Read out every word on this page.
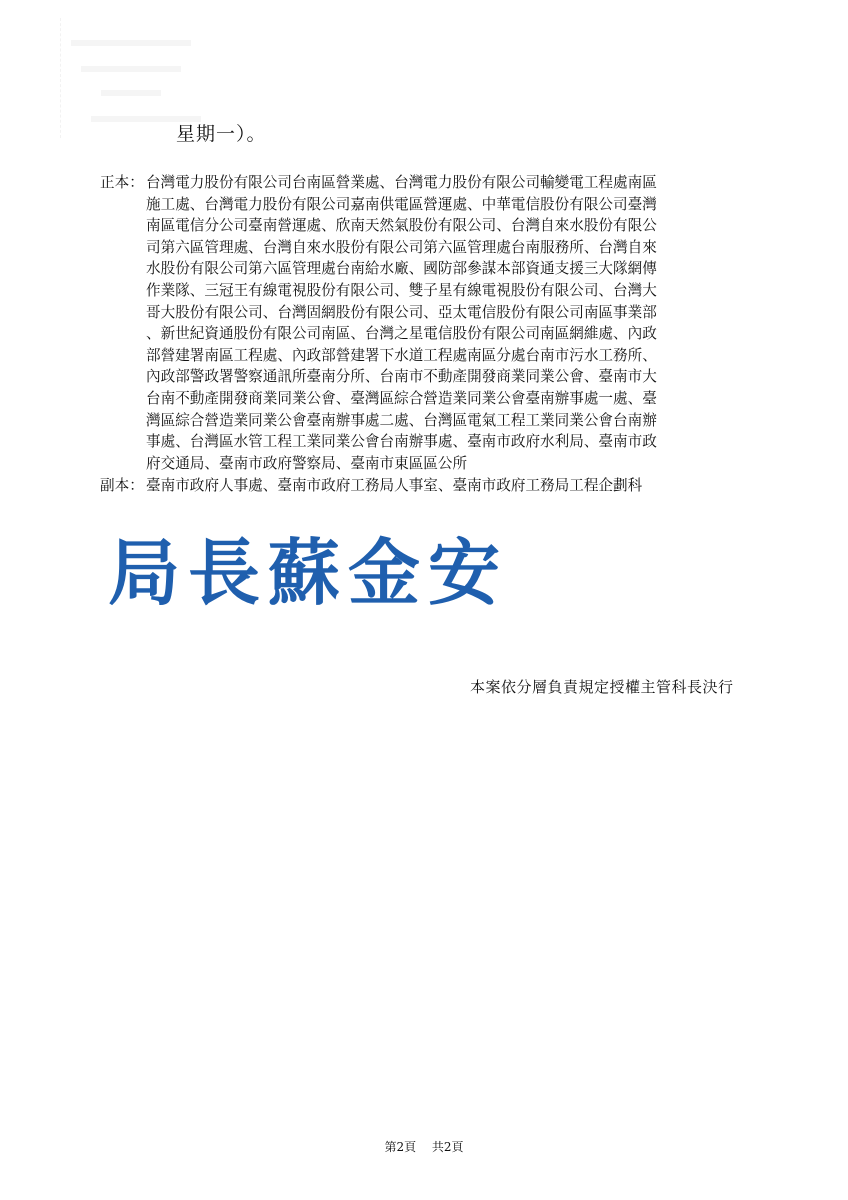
星期一）。
正本： 台灣電力股份有限公司台南區營業處、台灣電力股份有限公司輸變電工程處南區
施工處、台灣電力股份有限公司嘉南供電區營運處、中華電信股份有限公司臺灣
南區電信分公司臺南營運處、欣南天然氣股份有限公司、台灣自來水股份有限公
司第六區管理處、台灣自來水股份有限公司第六區管理處台南服務所、台灣自來
水股份有限公司第六區管理處台南給水廠、國防部參謀本部資通支援三大隊網傳
作業隊、三冠王有線電視股份有限公司、雙子星有線電視股份有限公司、台灣大
哥大股份有限公司、台灣固網股份有限公司、亞太電信股份有限公司南區事業部
、新世紀資通股份有限公司南區、台灣之星電信股份有限公司南區網維處、內政
部營建署南區工程處、內政部營建署下水道工程處南區分處台南市污水工務所、
內政部警政署警察通訊所臺南分所、台南市不動產開發商業同業公會、臺南市大
台南不動產開發商業同業公會、臺灣區綜合營造業同業公會臺南辦事處一處、臺
灣區綜合營造業同業公會臺南辦事處二處、台灣區電氣工程工業同業公會台南辦
事處、台灣區水管工程工業同業公會台南辦事處、臺南市政府水利局、臺南市政
府交通局、臺南市政府警察局、臺南市東區區公所
副本： 臺南市政府人事處、臺南市政府工務局人事室、臺南市政府工務局工程企劃科
局長蘇金安
本案依分層負責規定授權主管科長決行
第2頁 共2頁
